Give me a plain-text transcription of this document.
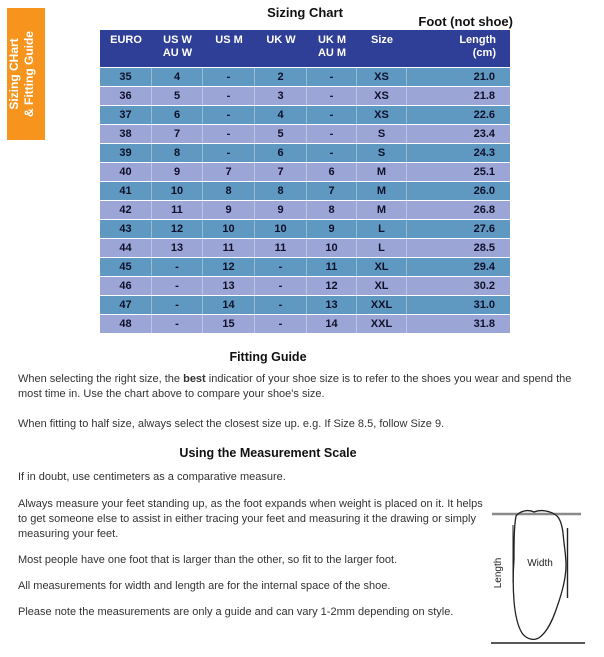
Sizing CHart
& Fitting Guide
Sizing Chart
Foot (not shoe)
EURO	US W
AU W
US M	UK W	UK M
AU M
Size	Length
(cm)
35	4	-	2	-	XS	21.0
36	5	-	3	-	XS	21.8
37	6	-	4	-	XS	22.6
38	7	-	5	-	S	23.4
39	8	-	6	-	S	24.3
40	9	7	7	6	M	25.1
41	10	8	8	7	M	26.0
42	11	9	9	8	M	26.8
43	12	10	10	9	L	27.6
44	13	11	11	10	L	28.5
45	-	12	-	11	XL	29.4
46	-	13	-	12	XL	30.2
47	-	14	-	13	XXL	31.0
48	-	15	-	14	XXL	31.8
Fitting Guide
When selecting the right size, the best indicatior of your shoe size is to refer to the shoes you wear and spend the most time in. Use the chart above to compare your shoe's size.
When fitting to half size, always select the closest size up. e.g. If Size 8.5, follow Size 9.
Using the Measurement Scale
If in doubt, use centimeters as a comparative measure.
Always measure your feet standing up, as the foot expands when weight is placed on it. It helps to get someone else to assist in either tracing your feet and measuring it the drawing or simply measuring your feet.
Most people have one foot that is larger than the other, so fit to the larger foot.
All measurements for width and length are for the internal space of the shoe.
Please note the measurements are only a guide and can vary 1-2mm depending on style.
Width
Length
